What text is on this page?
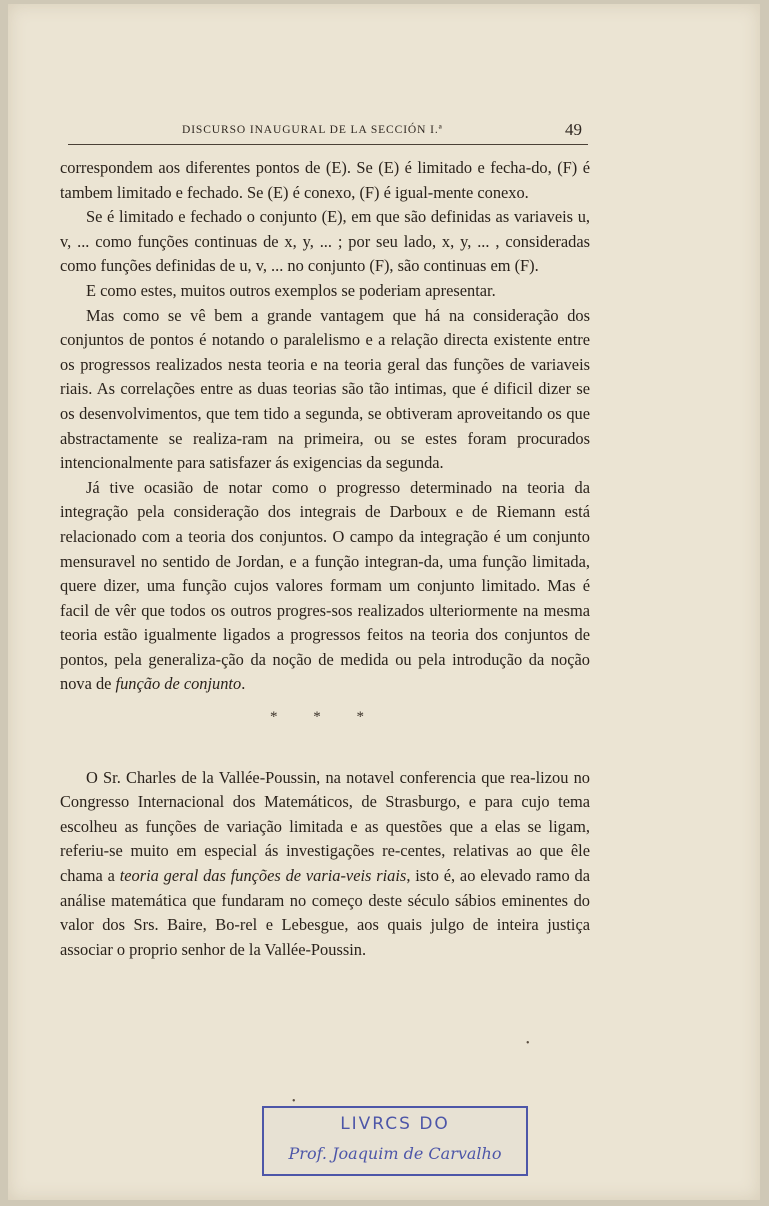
DISCURSO INAUGURAL DE LA SECCIÓN I.ª	49

correspondem aos diferentes pontos de (E). Se (E) é limitado e fecha-do, (F) é tambem limitado e fechado. Se (E) é conexo, (F) é igual-mente conexo.

Se é limitado e fechado o conjunto (E), em que são definidas as variaveis u, v, ... como funções continuas de x, y, ... ; por seu lado, x, y, ... , consideradas como funções definidas de u, v, ... no conjunto (F), são continuas em (F).

E como estes, muitos outros exemplos se poderiam apresentar.

Mas como se vê bem a grande vantagem que há na consideração dos conjuntos de pontos é notando o paralelismo e a relação directa existente entre os progressos realizados nesta teoria e na teoria geral das funções de variaveis riais. As correlações entre as duas teorias são tão intimas, que é dificil dizer se os desenvolvimentos, que tem tido a segunda, se obtiveram aproveitando os que abstractamente se realiza-ram na primeira, ou se estes foram procurados intencionalmente para satisfazer ás exigencias da segunda.

Já tive ocasião de notar como o progresso determinado na teoria da integração pela consideração dos integrais de Darboux e de Riemann está relacionado com a teoria dos conjuntos. O campo da integração é um conjunto mensuravel no sentido de Jordan, e a função integran-da, uma função limitada, quere dizer, uma função cujos valores formam um conjunto limitado. Mas é facil de vêr que todos os outros progres-sos realizados ulteriormente na mesma teoria estão igualmente ligados a progressos feitos na teoria dos conjuntos de pontos, pela generaliza-ção da noção de medida ou pela introdução da noção nova de função de conjunto.

* * *

O Sr. Charles de la Vallée-Poussin, na notavel conferencia que rea-lizou no Congresso Internacional dos Matemáticos, de Strasburgo, e para cujo tema escolheu as funções de variação limitada e as questões que a elas se ligam, referiu-se muito em especial ás investigações re-centes, relativas ao que êle chama a teoria geral das funções de varia-veis riais, isto é, ao elevado ramo da análise matemática que fundaram no começo deste século sábios eminentes do valor dos Srs. Baire, Bo-rel e Lebesgue, aos quais julgo de inteira justiça associar o proprio senhor de la Vallée-Poussin.

•
•
LIVRCS DO
Prof. Joaquim de Carvalho
